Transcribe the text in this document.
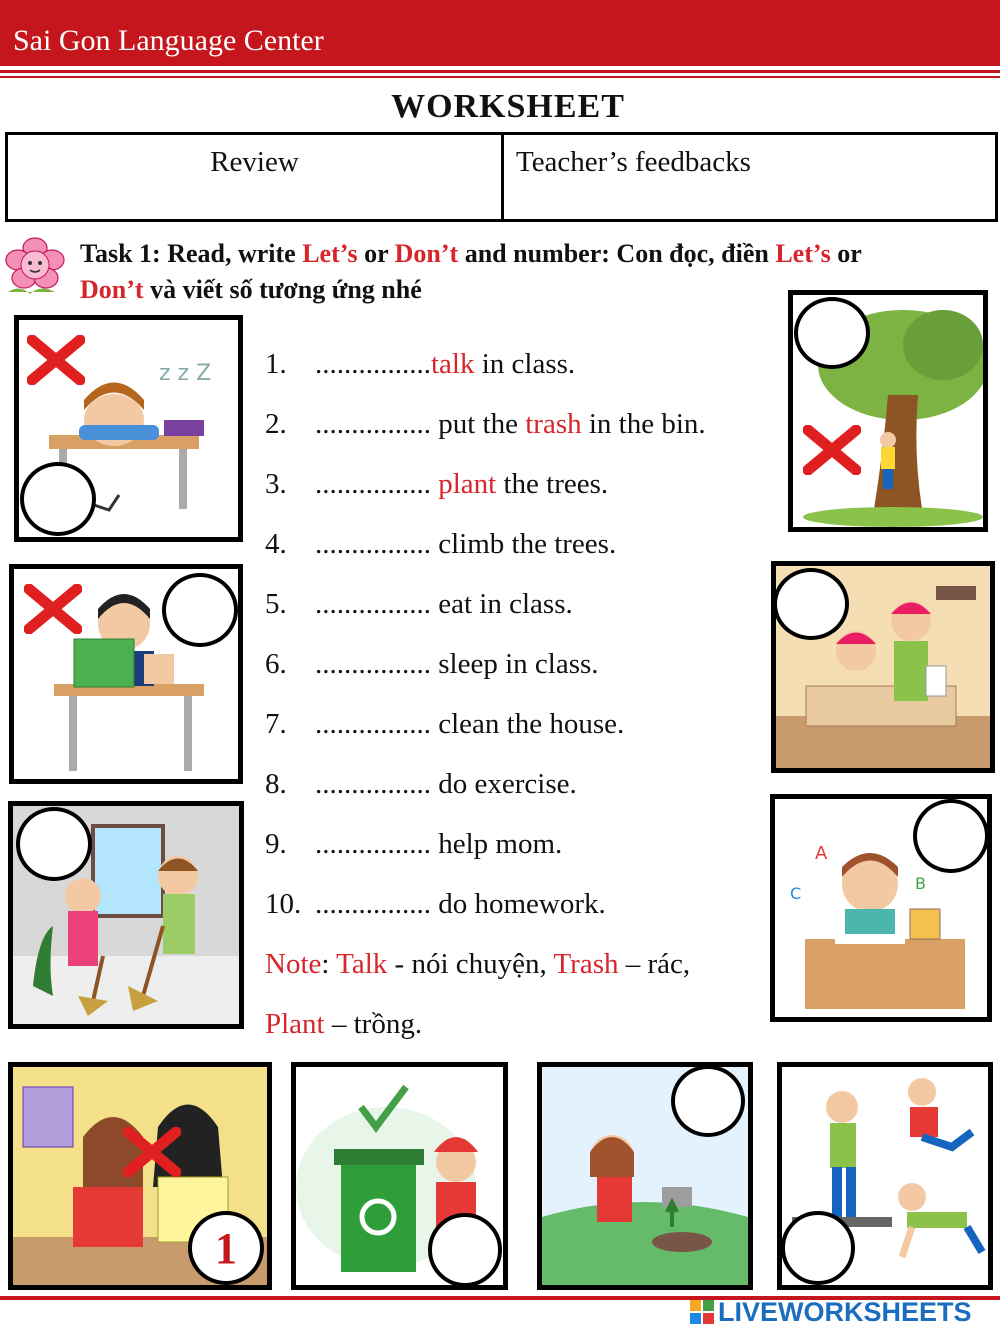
Sai Gon Language Center
WORKSHEET
Review	Teacher’s feedbacks
Task 1: Read, write Let’s or Don’t and number: Con đọc, điền Let’s or
Don’t và viết số tương ứng nhé
z z Z
A
C
B
1. ................talk in class.
2. ................ put the trash in the bin.
3. ................ plant the trees.
4. ................ climb the trees.
5. ................ eat in class.
6. ................ sleep in class.
7. ................ clean the house.
8. ................ do exercise.
9. ................ help mom.
10. ................ do homework.
Note: Talk - nói chuyện, Trash – rác,
Plant – trồng.
1
LIVEWORKSHEETS
